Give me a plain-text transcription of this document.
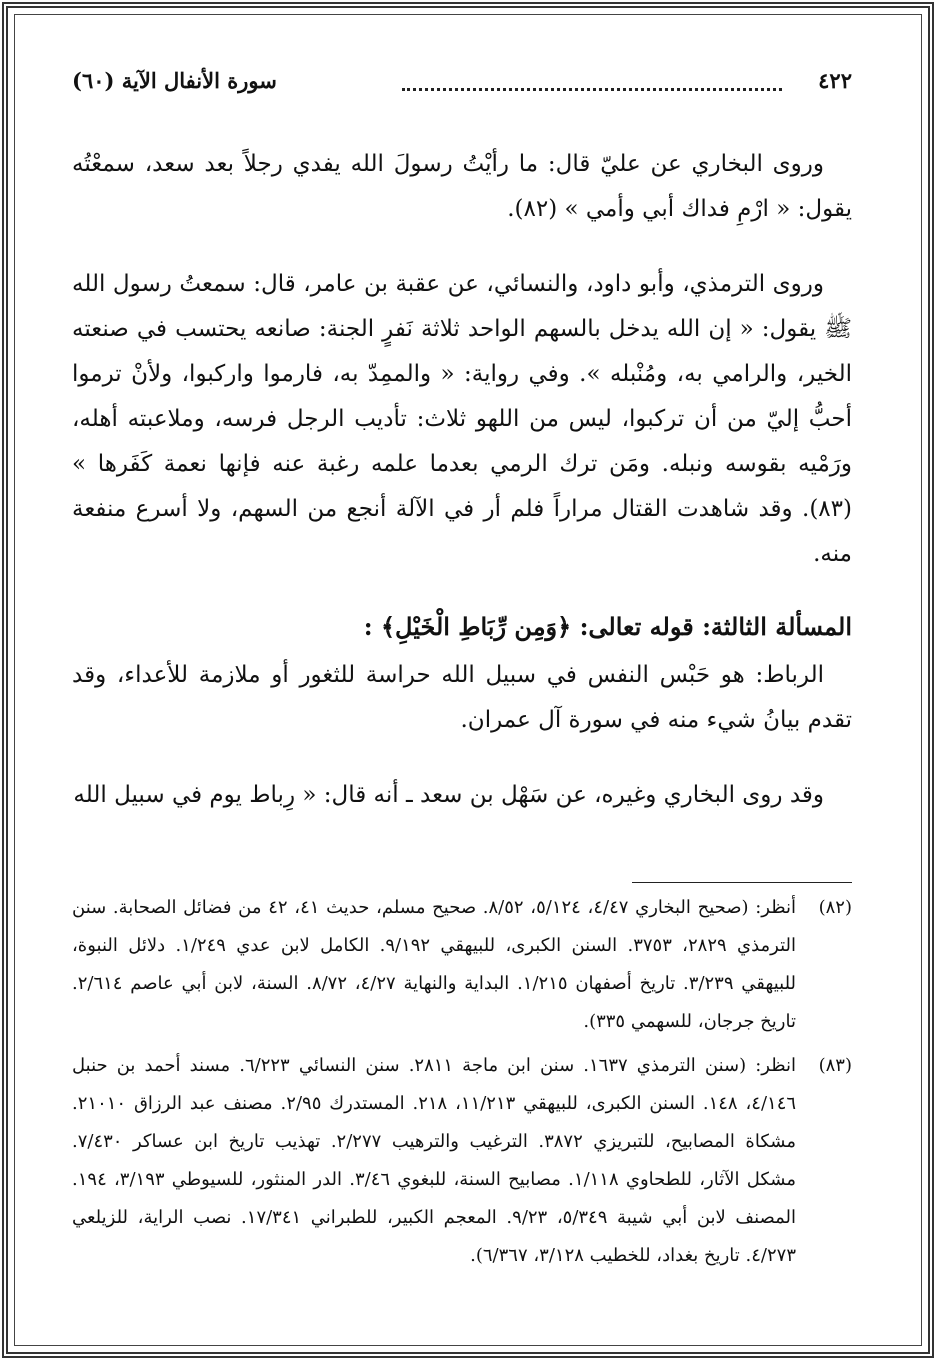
٤٢٢
سورة الأنفال الآية (٦٠)

وروى البخاري عن عليّ قال: ما رأيْتُ رسولَ الله يفدي رجلاً بعد سعد، سمعْتُه يقول: « ارْمِ فداك أبي وأمي » (٨٢).

وروى الترمذي، وأبو داود، والنسائي، عن عقبة بن عامر، قال: سمعتُ رسول الله ﷺ يقول: « إن الله يدخل بالسهم الواحد ثلاثة نَفرٍ الجنة: صانعه يحتسب في صنعته الخير، والرامي به، ومُنْبله ». وفي رواية: « والممِدّ به، فارموا واركبوا، ولأنْ ترموا أحبُّ إليّ من أن تركبوا، ليس من اللهو ثلاث: تأديب الرجل فرسه، وملاعبته أهله، ورَمْيه بقوسه ونبله. ومَن ترك الرمي بعدما علمه رغبة عنه فإنها نعمة كَفَرها » (٨٣). وقد شاهدت القتال مراراً فلم أر في الآلة أنجع من السهم، ولا أسرع منفعة منه.

المسألة الثالثة: قوله تعالى: ﴿وَمِن رِّبَاطِ الْخَيْلِ﴾ :

الرباط: هو حَبْس النفس في سبيل الله حراسة للثغور أو ملازمة للأعداء، وقد تقدم بيانُ شيء منه في سورة آل عمران.

وقد روى البخاري وغيره، عن سَهْل بن سعد ـ أنه قال: « رِباط يوم في سبيل الله

(٨٢)
أنظر: (صحيح البخاري ٤/٤٧، ٥/١٢٤، ٨/٥٢. صحيح مسلم، حديث ٤١، ٤٢ من فضائل الصحابة. سنن الترمذي ٢٨٢٩، ٣٧٥٣. السنن الكبرى، للبيهقي ٩/١٩٢. الكامل لابن عدي ١/٢٤٩. دلائل النبوة، للبيهقي ٣/٢٣٩. تاريخ أصفهان ١/٢١٥. البداية والنهاية ٤/٢٧، ٨/٧٢. السنة، لابن أبي عاصم ٢/٦١٤. تاريخ جرجان، للسهمي ٣٣٥).
(٨٣)
انظر: (سنن الترمذي ١٦٣٧. سنن ابن ماجة ٢٨١١. سنن النسائي ٦/٢٢٣. مسند أحمد بن حنبل ٤/١٤٦، ١٤٨. السنن الكبرى، للبيهقي ١١/٢١٣، ٢١٨. المستدرك ٢/٩٥. مصنف عبد الرزاق ٢١٠١٠. مشكاة المصابيح، للتبريزي ٣٨٧٢. الترغيب والترهيب ٢/٢٧٧. تهذيب تاريخ ابن عساكر ٧/٤٣٠. مشكل الآثار، للطحاوي ١/١١٨. مصابيح السنة، للبغوي ٣/٤٦. الدر المنثور، للسيوطي ٣/١٩٣، ١٩٤. المصنف لابن أبي شيبة ٥/٣٤٩، ٩/٢٣. المعجم الكبير، للطبراني ١٧/٣٤١. نصب الراية، للزيلعي ٤/٢٧٣. تاريخ بغداد، للخطيب ٣/١٢٨، ٦/٣٦٧).
